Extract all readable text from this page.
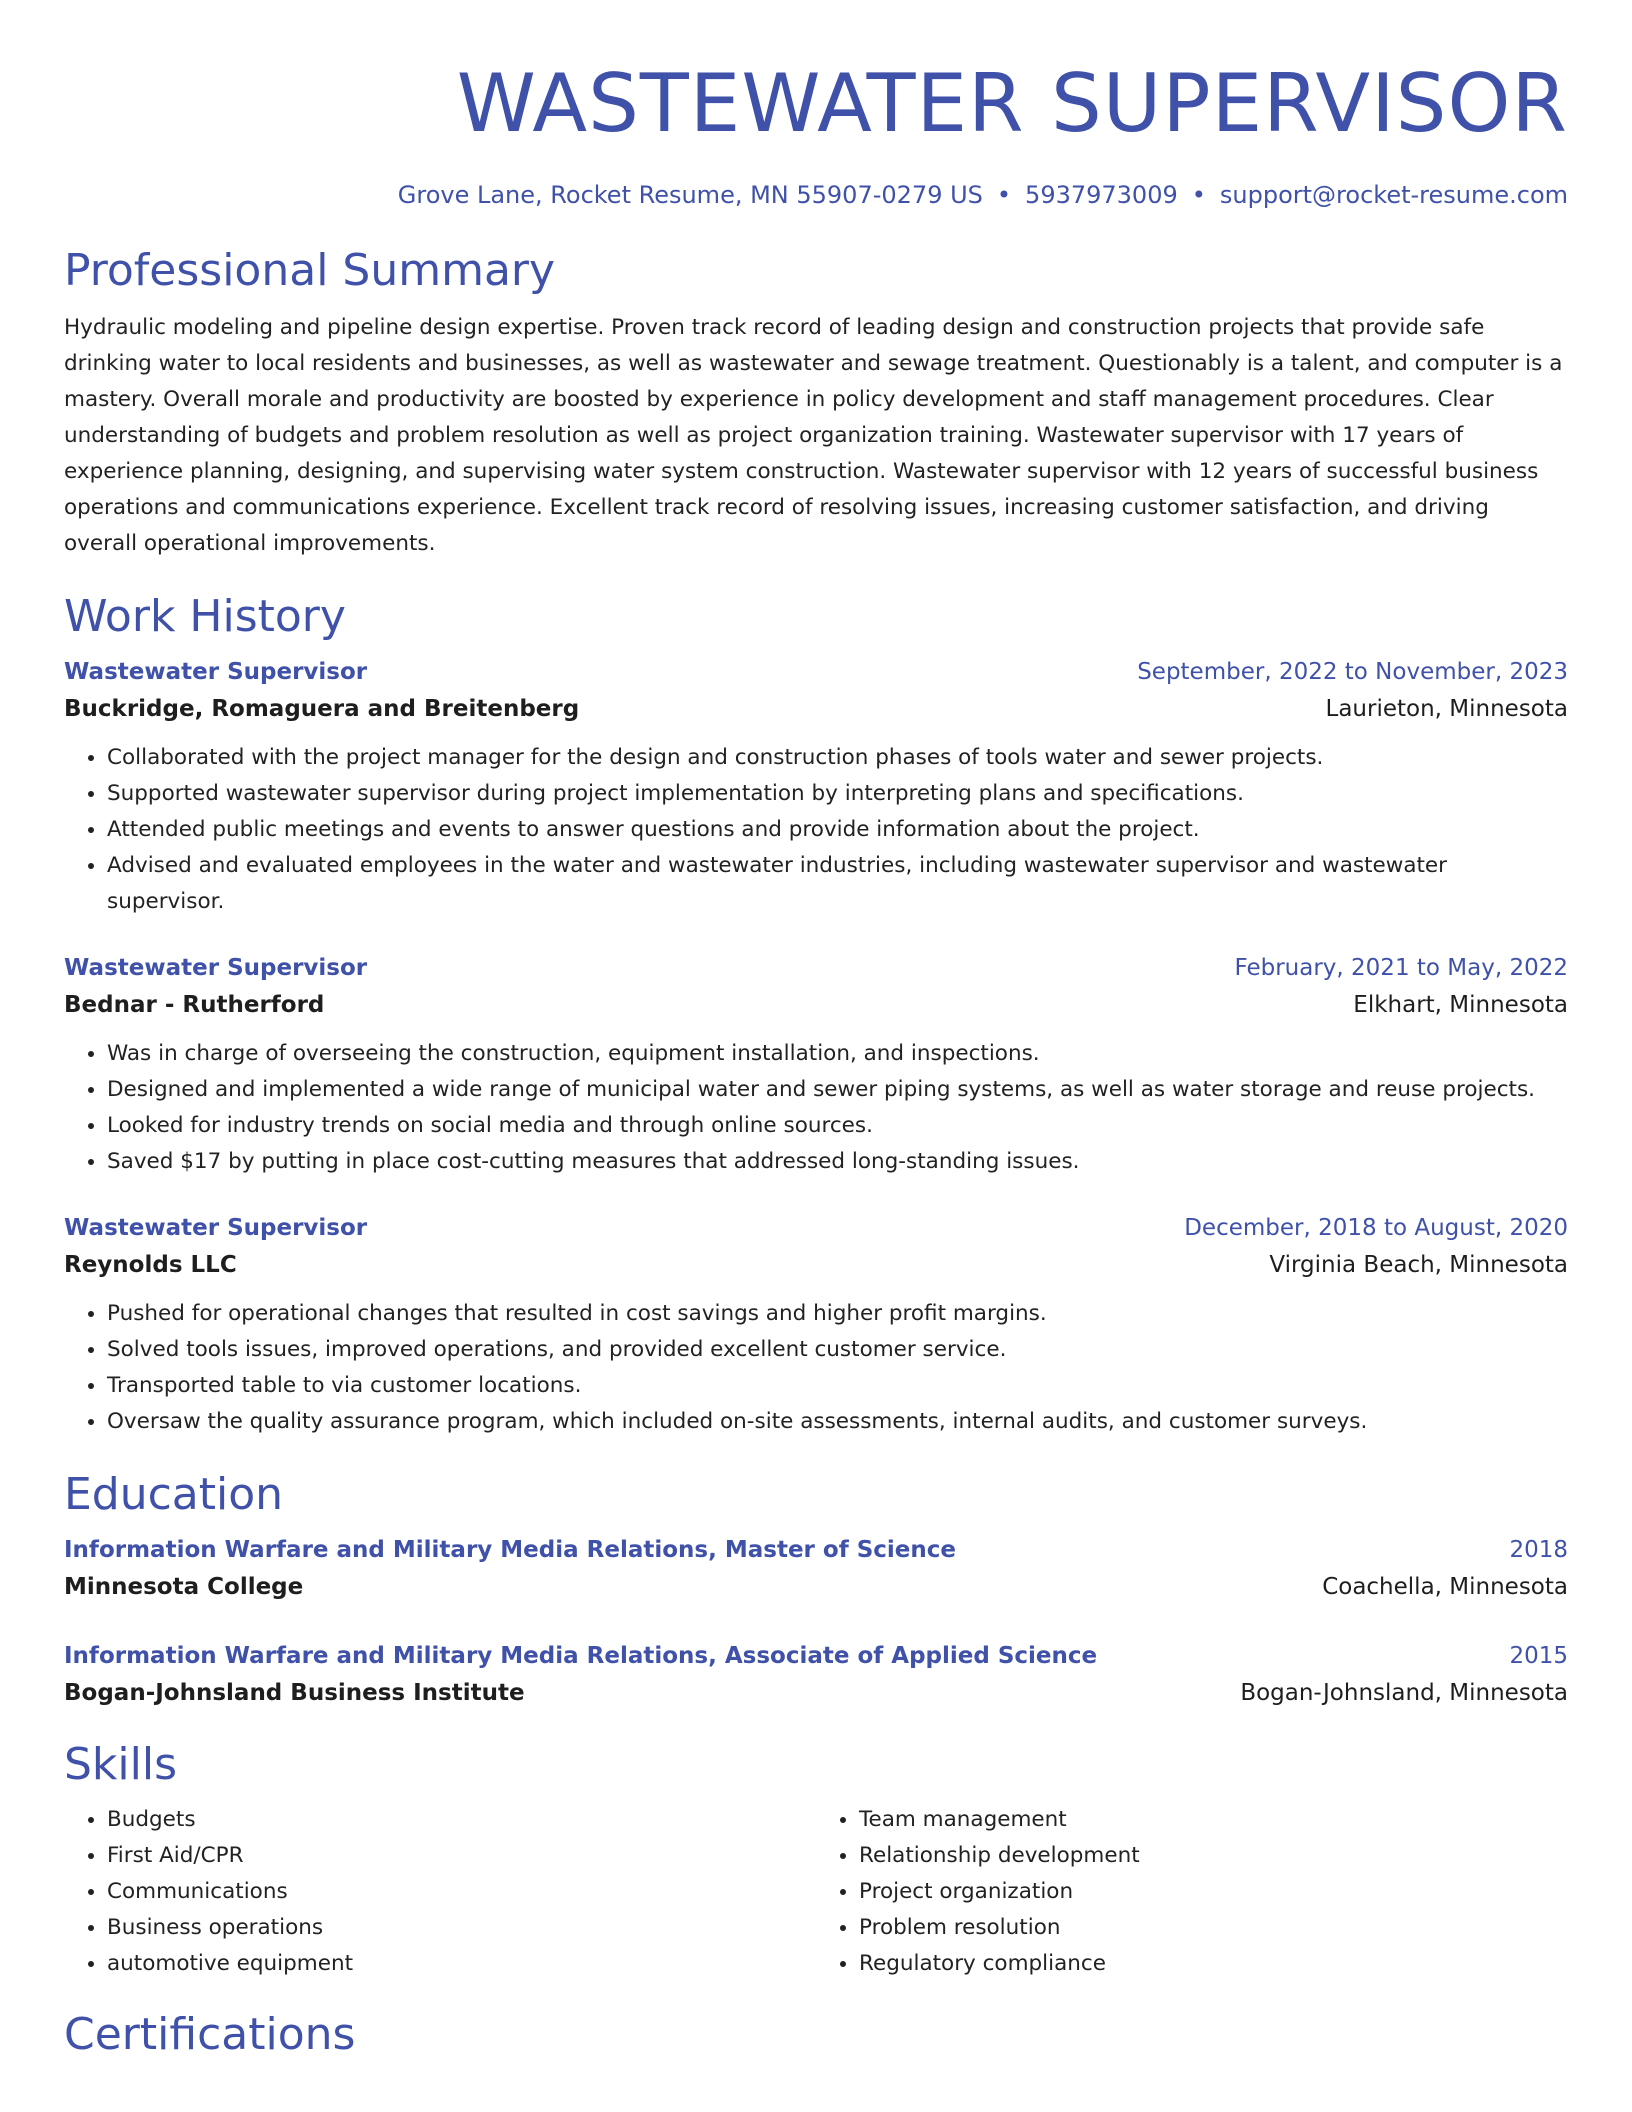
WASTEWATER SUPERVISOR
Grove Lane, Rocket Resume, MN 55907-0279 US • 5937973009 • support@rocket-resume.com
Professional Summary
Hydraulic modeling and pipeline design expertise. Proven track record of leading design and construction projects that provide safe drinking water to local residents and businesses, as well as wastewater and sewage treatment. Questionably is a talent, and computer is a mastery. Overall morale and productivity are boosted by experience in policy development and staff management procedures. Clear understanding of budgets and problem resolution as well as project organization training. Wastewater supervisor with 17 years of experience planning, designing, and supervising water system construction. Wastewater supervisor with 12 years of successful business operations and communications experience. Excellent track record of resolving issues, increasing customer satisfaction, and driving overall operational improvements.
Work History
Wastewater Supervisor	September, 2022 to November, 2023
Buckridge, Romaguera and Breitenberg	Laurieton, Minnesota
• Collaborated with the project manager for the design and construction phases of tools water and sewer projects.
• Supported wastewater supervisor during project implementation by interpreting plans and specifications.
• Attended public meetings and events to answer questions and provide information about the project.
• Advised and evaluated employees in the water and wastewater industries, including wastewater supervisor and wastewater supervisor.
Wastewater Supervisor	February, 2021 to May, 2022
Bednar - Rutherford	Elkhart, Minnesota
• Was in charge of overseeing the construction, equipment installation, and inspections.
• Designed and implemented a wide range of municipal water and sewer piping systems, as well as water storage and reuse projects.
• Looked for industry trends on social media and through online sources.
• Saved $17 by putting in place cost-cutting measures that addressed long-standing issues.
Wastewater Supervisor	December, 2018 to August, 2020
Reynolds LLC	Virginia Beach, Minnesota
• Pushed for operational changes that resulted in cost savings and higher profit margins.
• Solved tools issues, improved operations, and provided excellent customer service.
• Transported table to via customer locations.
• Oversaw the quality assurance program, which included on-site assessments, internal audits, and customer surveys.
Education
Information Warfare and Military Media Relations, Master of Science	2018
Minnesota College	Coachella, Minnesota
Information Warfare and Military Media Relations, Associate of Applied Science	2015
Bogan-Johnsland Business Institute	Bogan-Johnsland, Minnesota
Skills
• Budgets
• First Aid/CPR
• Communications
• Business operations
• automotive equipment
• Team management
• Relationship development
• Project organization
• Problem resolution
• Regulatory compliance
Certifications
